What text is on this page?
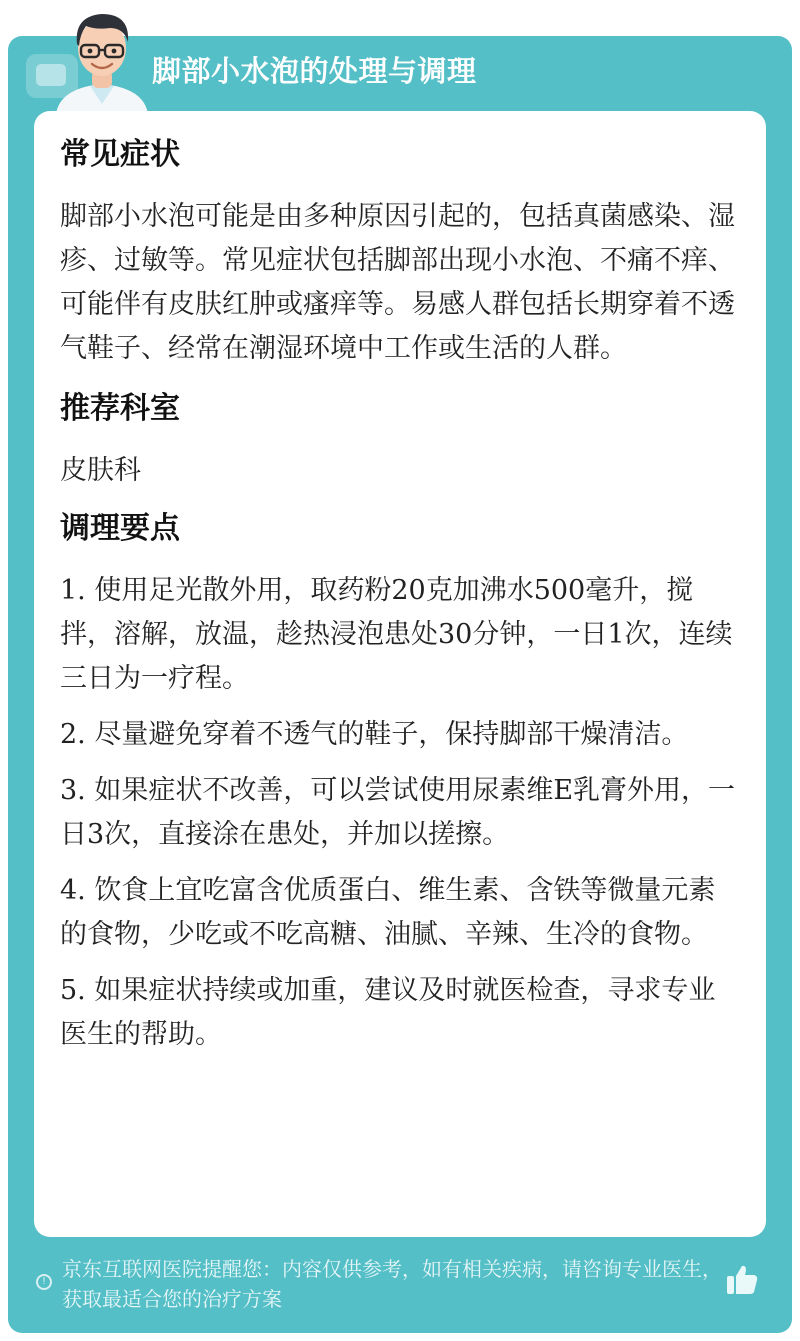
脚部小水泡的处理与调理
常见症状

脚部小水泡可能是由多种原因引起的，包括真菌感染、湿疹、过敏等。常见症状包括脚部出现小水泡、不痛不痒、可能伴有皮肤红肿或瘙痒等。易感人群包括长期穿着不透气鞋子、经常在潮湿环境中工作或生活的人群。

推荐科室

皮肤科

调理要点

1. 使用足光散外用，取药粉20克加沸水500毫升，搅拌，溶解，放温，趁热浸泡患处30分钟，一日1次，连续三日为一疗程。

2. 尽量避免穿着不透气的鞋子，保持脚部干燥清洁。

3. 如果症状不改善，可以尝试使用尿素维E乳膏外用，一日3次，直接涂在患处，并加以搓擦。

4. 饮食上宜吃富含优质蛋白、维生素、含铁等微量元素的食物，少吃或不吃高糖、油腻、辛辣、生冷的食物。

5. 如果症状持续或加重，建议及时就医检查，寻求专业医生的帮助。

!
京东互联网医院提醒您：内容仅供参考，如有相关疾病，请咨询专业医生，获取最适合您的治疗方案
